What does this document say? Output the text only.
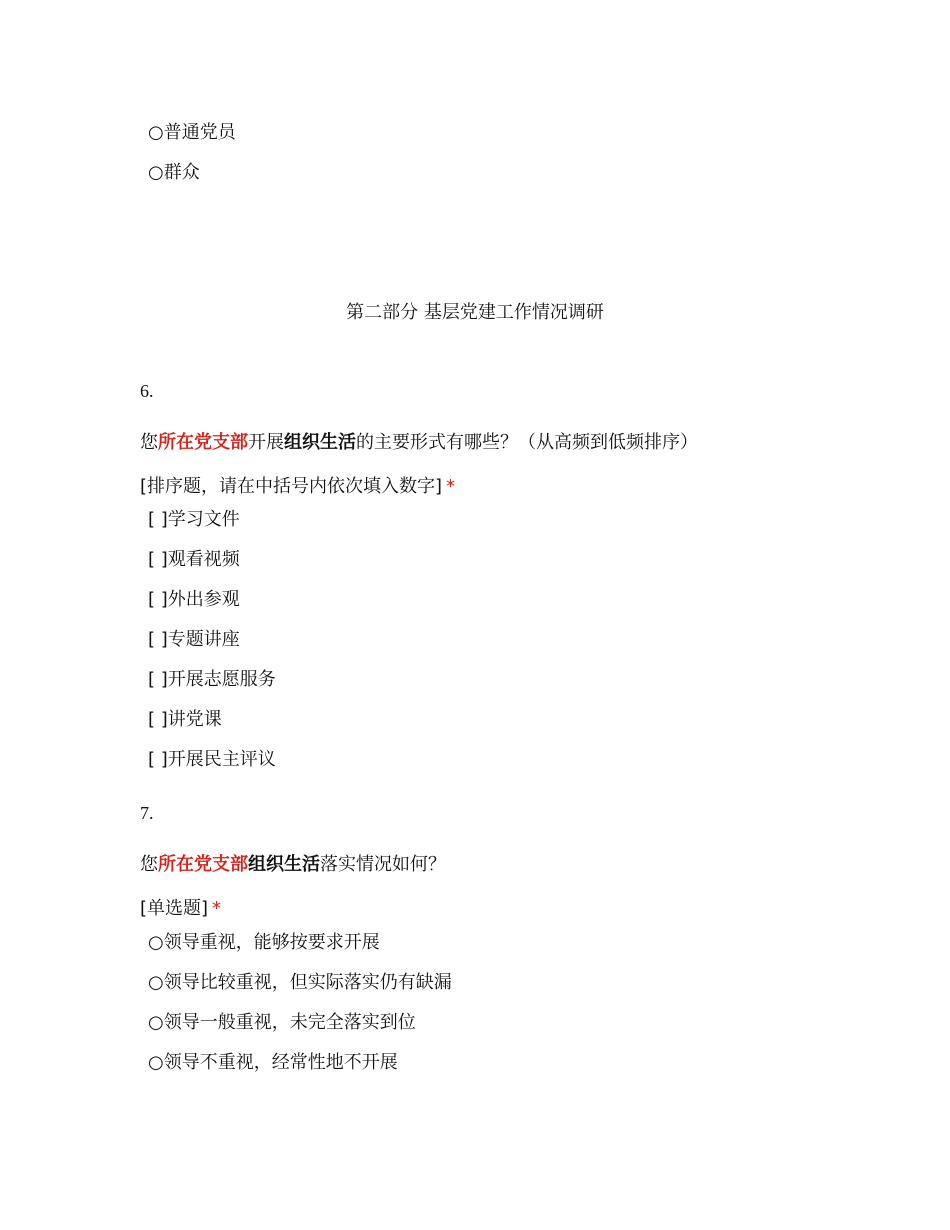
○普通党员
○群众
第二部分 基层党建工作情况调研
6.
您所在党支部开展组织生活的主要形式有哪些？（从高频到低频排序）
[排序题，请在中括号内依次填入数字] *
[ ]学习文件
[ ]观看视频
[ ]外出参观
[ ]专题讲座
[ ]开展志愿服务
[ ]讲党课
[ ]开展民主评议
7.
您所在党支部组织生活落实情况如何？
[单选题] *
○领导重视，能够按要求开展
○领导比较重视，但实际落实仍有缺漏
○领导一般重视，未完全落实到位
○领导不重视，经常性地不开展
